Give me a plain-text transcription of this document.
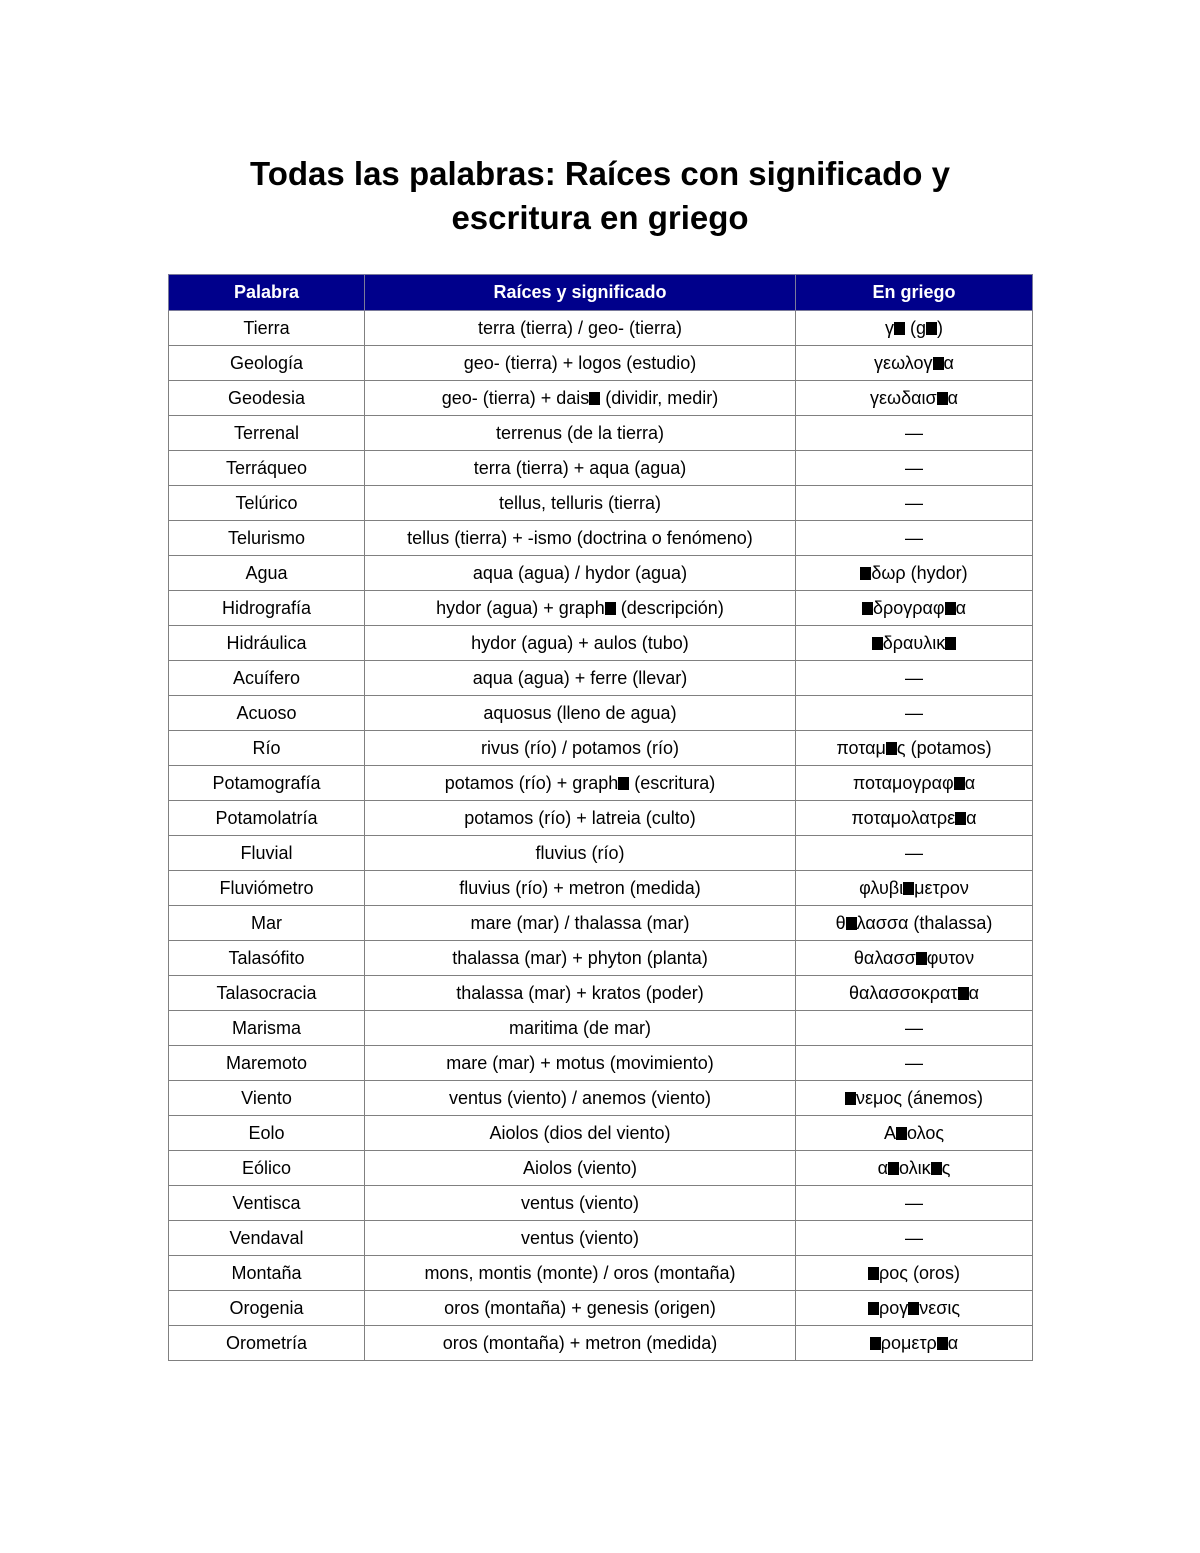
Todas las palabras: Raíces con significado y
escritura en griego
Palabra	Raíces y significado	En griego
Tierra	terra (tierra) / geo- (tierra)	γ (g )
Geología	geo- (tierra) + logos (estudio)	γεωλογ α
Geodesia	geo- (tierra) + dais (dividir, medir)	γεωδαισ α
Terrenal	terrenus (de la tierra)	—
Terráqueo	terra (tierra) + aqua (agua)	—
Telúrico	tellus, telluris (tierra)	—
Telurismo	tellus (tierra) + -ismo (doctrina o fenómeno)	—
Agua	aqua (agua) / hydor (agua)	δωρ (hydor)
Hidrografía	hydor (agua) + graph (descripción)	δρογραφ α
Hidráulica	hydor (agua) + aulos (tubo)	δραυλικ
Acuífero	aqua (agua) + ferre (llevar)	—
Acuoso	aquosus (lleno de agua)	—
Río	rivus (río) / potamos (río)	ποταμ ς (potamos)
Potamografía	potamos (río) + graph (escritura)	ποταμογραφ α
Potamolatría	potamos (río) + latreia (culto)	ποταμολατρε α
Fluvial	fluvius (río)	—
Fluviómetro	fluvius (río) + metron (medida)	φλυβι μετρον
Mar	mare (mar) / thalassa (mar)	θ λασσα (thalassa)
Talasófito	thalassa (mar) + phyton (planta)	θαλασσ φυτον
Talasocracia	thalassa (mar) + kratos (poder)	θαλασσοκρατ α
Marisma	maritima (de mar)	—
Maremoto	mare (mar) + motus (movimiento)	—
Viento	ventus (viento) / anemos (viento)	νεμος (ánemos)
Eolo	Aiolos (dios del viento)	Α ολος
Eólico	Aiolos (viento)	α ολικ ς
Ventisca	ventus (viento)	—
Vendaval	ventus (viento)	—
Montaña	mons, montis (monte) / oros (montaña)	ρος (oros)
Orogenia	oros (montaña) + genesis (origen)	ρογ νεσις
Orometría	oros (montaña) + metron (medida)	ρομετρ α
